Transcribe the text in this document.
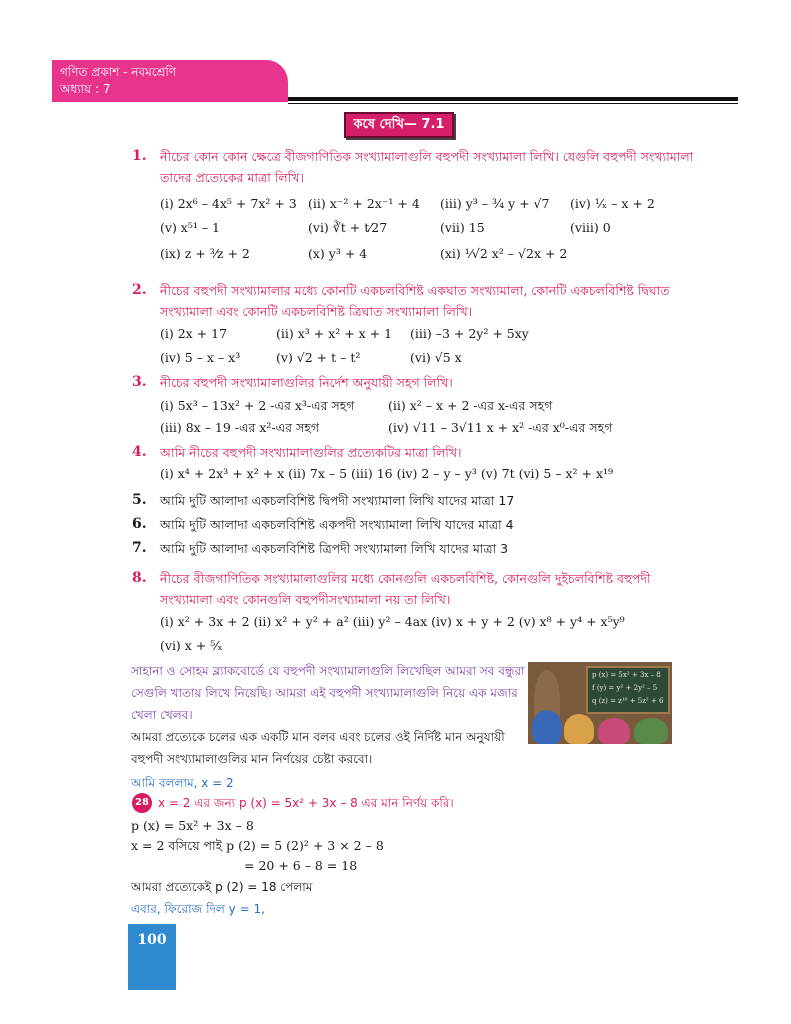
গণিত প্রকাশ - নবমশ্রেণি
অধ্যায় : 7
কষে দেখি— 7.1
1. নীচের কোন কোন ক্ষেত্রে বীজগাণিতিক সংখ্যামালাগুলি বহুপদী সংখ্যামালা লিখি। যেগুলি বহুপদী সংখ্যামালা তাদের প্রত্যেকের মাত্রা লিখি।
(i) 2x⁶ – 4x⁵ + 7x² + 3 (ii) x⁻² + 2x⁻¹ + 4 (iii) y³ – ³⁄₄ y + √7 (iv) ¹⁄ₓ – x + 2
(v) x⁵¹ – 1	(vi) ∛t + t⁄27	(vii) 15	(viii) 0
(ix) z + ³⁄z + 2	(x) y³ + 4	(xi) ¹⁄√2 x² – √2x + 2
2. নীচের বহুপদী সংখ্যামালার মধ্যে কোনটি একচলবিশিষ্ট একঘাত সংখ্যামালা, কোনটি একচলবিশিষ্ট দ্বিঘাত সংখ্যামালা এবং কোনটি একচলবিশিষ্ট ত্রিঘাত সংখ্যামালা লিখি।
(i) 2x + 17	(ii) x³ + x² + x + 1 (iii) –3 + 2y² + 5xy
(iv) 5 – x – x³	(v) √2 + t – t²	(vi) √5 x
3. নীচের বহুপদী সংখ্যামালাগুলির নির্দেশ অনুযায়ী সহগ লিখি।
(i) 5x³ – 13x² + 2 -এর x³-এর সহগ	(ii) x² – x + 2 -এর x-এর সহগ
(iii) 8x – 19 -এর x²-এর সহগ	(iv) √11 – 3√11 x + x² -এর x⁰-এর সহগ
4. আমি নীচের বহুপদী সংখ্যামালাগুলির প্রত্যেকটির মাত্রা লিখি।
(i) x⁴ + 2x³ + x² + x (ii) 7x – 5 (iii) 16 (iv) 2 – y – y³ (v) 7t (vi) 5 – x² + x¹⁹
5. আমি দুটি আলাদা একচলবিশিষ্ট দ্বিপদী সংখ্যামালা লিখি যাদের মাত্রা 17
6. আমি দুটি আলাদা একচলবিশিষ্ট একপদী সংখ্যামালা লিখি যাদের মাত্রা 4
7. আমি দুটি আলাদা একচলবিশিষ্ট ত্রিপদী সংখ্যামালা লিখি যাদের মাত্রা 3
8. নীচের বীজগাণিতিক সংখ্যামালাগুলির মধ্যে কোনগুলি একচলবিশিষ্ট, কোনগুলি দুইচলবিশিষ্ট বহুপদী সংখ্যামালা এবং কোনগুলি বহুপদীসংখ্যামালা নয় তা লিখি।
(i) x² + 3x + 2 (ii) x² + y² + a² (iii) y² – 4ax (iv) x + y + 2 (v) x⁸ + y⁴ + x⁵y⁹
(vi) x + ⁵⁄ₓ
সাহানা ও সোহম ব্ল্যাকবোর্ডে যে বহুপদী সংখ্যামালাগুলি লিখেছিল আমরা সব বন্ধুরা সেগুলি খাতায় লিখে নিয়েছি। আমরা এই বহুপদী সংখ্যামালাগুলি নিয়ে এক মজার খেলা খেলব।
p (x) = 5x² + 3x – 8
f (y) = y² + 2y² – 5
q (z) = z¹⁰ + 5z² + 6
আমরা প্রত্যেকে চলের এক একটি মান বলব এবং চলের ওই নির্দিষ্ট মান অনুযায়ী বহুপদী সংখ্যামালাগুলির মান নির্ণয়ের চেষ্টা করবো।
আমি বললাম, x = 2
28 x = 2 এর জন্য p (x) = 5x² + 3x – 8 এর মান নির্ণয় করি।
p (x) = 5x² + 3x – 8
x = 2 বসিয়ে পাই p (2) = 5 (2)² + 3 × 2 – 8
= 20 + 6 – 8 = 18
আমরা প্রত্যেকেই p (2) = 18 পেলাম
এবার, ফিরোজ দিল y = 1,
100
